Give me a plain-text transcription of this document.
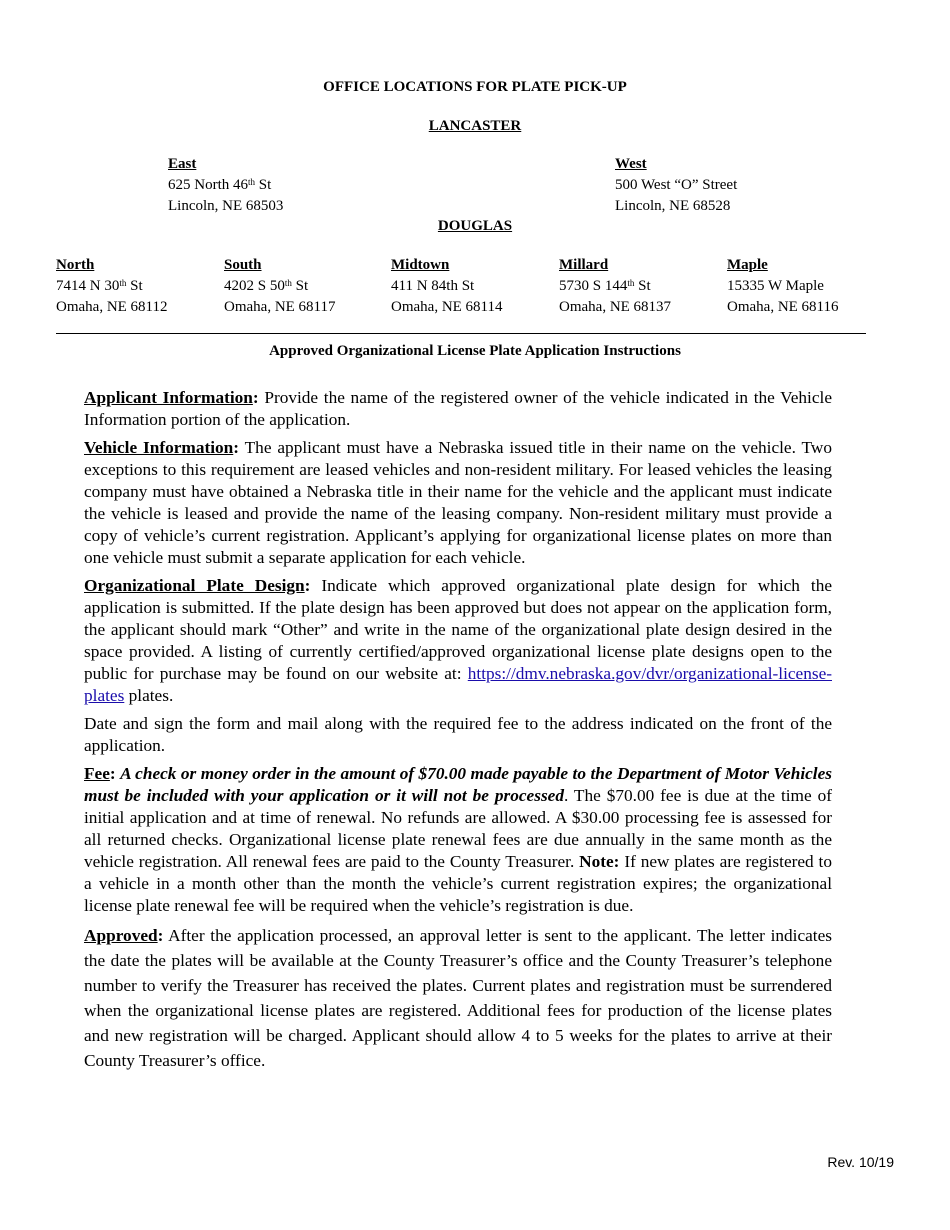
OFFICE LOCATIONS FOR PLATE PICK-UP
LANCASTER
East
625 North 46th St
Lincoln, NE 68503
West
500 West “O” Street
Lincoln, NE 68528
DOUGLAS
North
7414 N 30th St
Omaha, NE 68112
South
4202 S 50th St
Omaha, NE 68117
Midtown
411 N 84th St
Omaha, NE 68114
Millard
5730 S 144th St
Omaha, NE 68137
Maple
15335 W Maple
Omaha, NE 68116
Approved Organizational License Plate Application Instructions

Applicant Information: Provide the name of the registered owner of the vehicle indicated in the Vehicle Information portion of the application.

Vehicle Information: The applicant must have a Nebraska issued title in their name on the vehicle. Two exceptions to this requirement are leased vehicles and non-resident military. For leased vehicles the leasing company must have obtained a Nebraska title in their name for the vehicle and the applicant must indicate the vehicle is leased and provide the name of the leasing company. Non-resident military must provide a copy of vehicle’s current registration. Applicant’s applying for organizational license plates on more than one vehicle must submit a separate application for each vehicle.

Organizational Plate Design: Indicate which approved organizational plate design for which the application is submitted. If the plate design has been approved but does not appear on the application form, the applicant should mark “Other” and write in the name of the organizational plate design desired in the space provided. A listing of currently certified/approved organizational license plate designs open to the public for purchase may be found on our website at: https://dmv.nebraska.gov/dvr/organizational-license-plates plates.

Date and sign the form and mail along with the required fee to the address indicated on the front of the application.

Fee: A check or money order in the amount of $70.00 made payable to the Department of Motor Vehicles must be included with your application or it will not be processed. The $70.00 fee is due at the time of initial application and at time of renewal. No refunds are allowed. A $30.00 processing fee is assessed for all returned checks. Organizational license plate renewal fees are due annually in the same month as the vehicle registration. All renewal fees are paid to the County Treasurer. Note: If new plates are registered to a vehicle in a month other than the month the vehicle’s current registration expires; the organizational license plate renewal fee will be required when the vehicle’s registration is due.

Approved: After the application processed, an approval letter is sent to the applicant. The letter indicates the date the plates will be available at the County Treasurer’s office and the County Treasurer’s telephone number to verify the Treasurer has received the plates. Current plates and registration must be surrendered when the organizational license plates are registered. Additional fees for production of the license plates and new registration will be charged. Applicant should allow 4 to 5 weeks for the plates to arrive at their County Treasurer’s office.

Rev. 10/19
